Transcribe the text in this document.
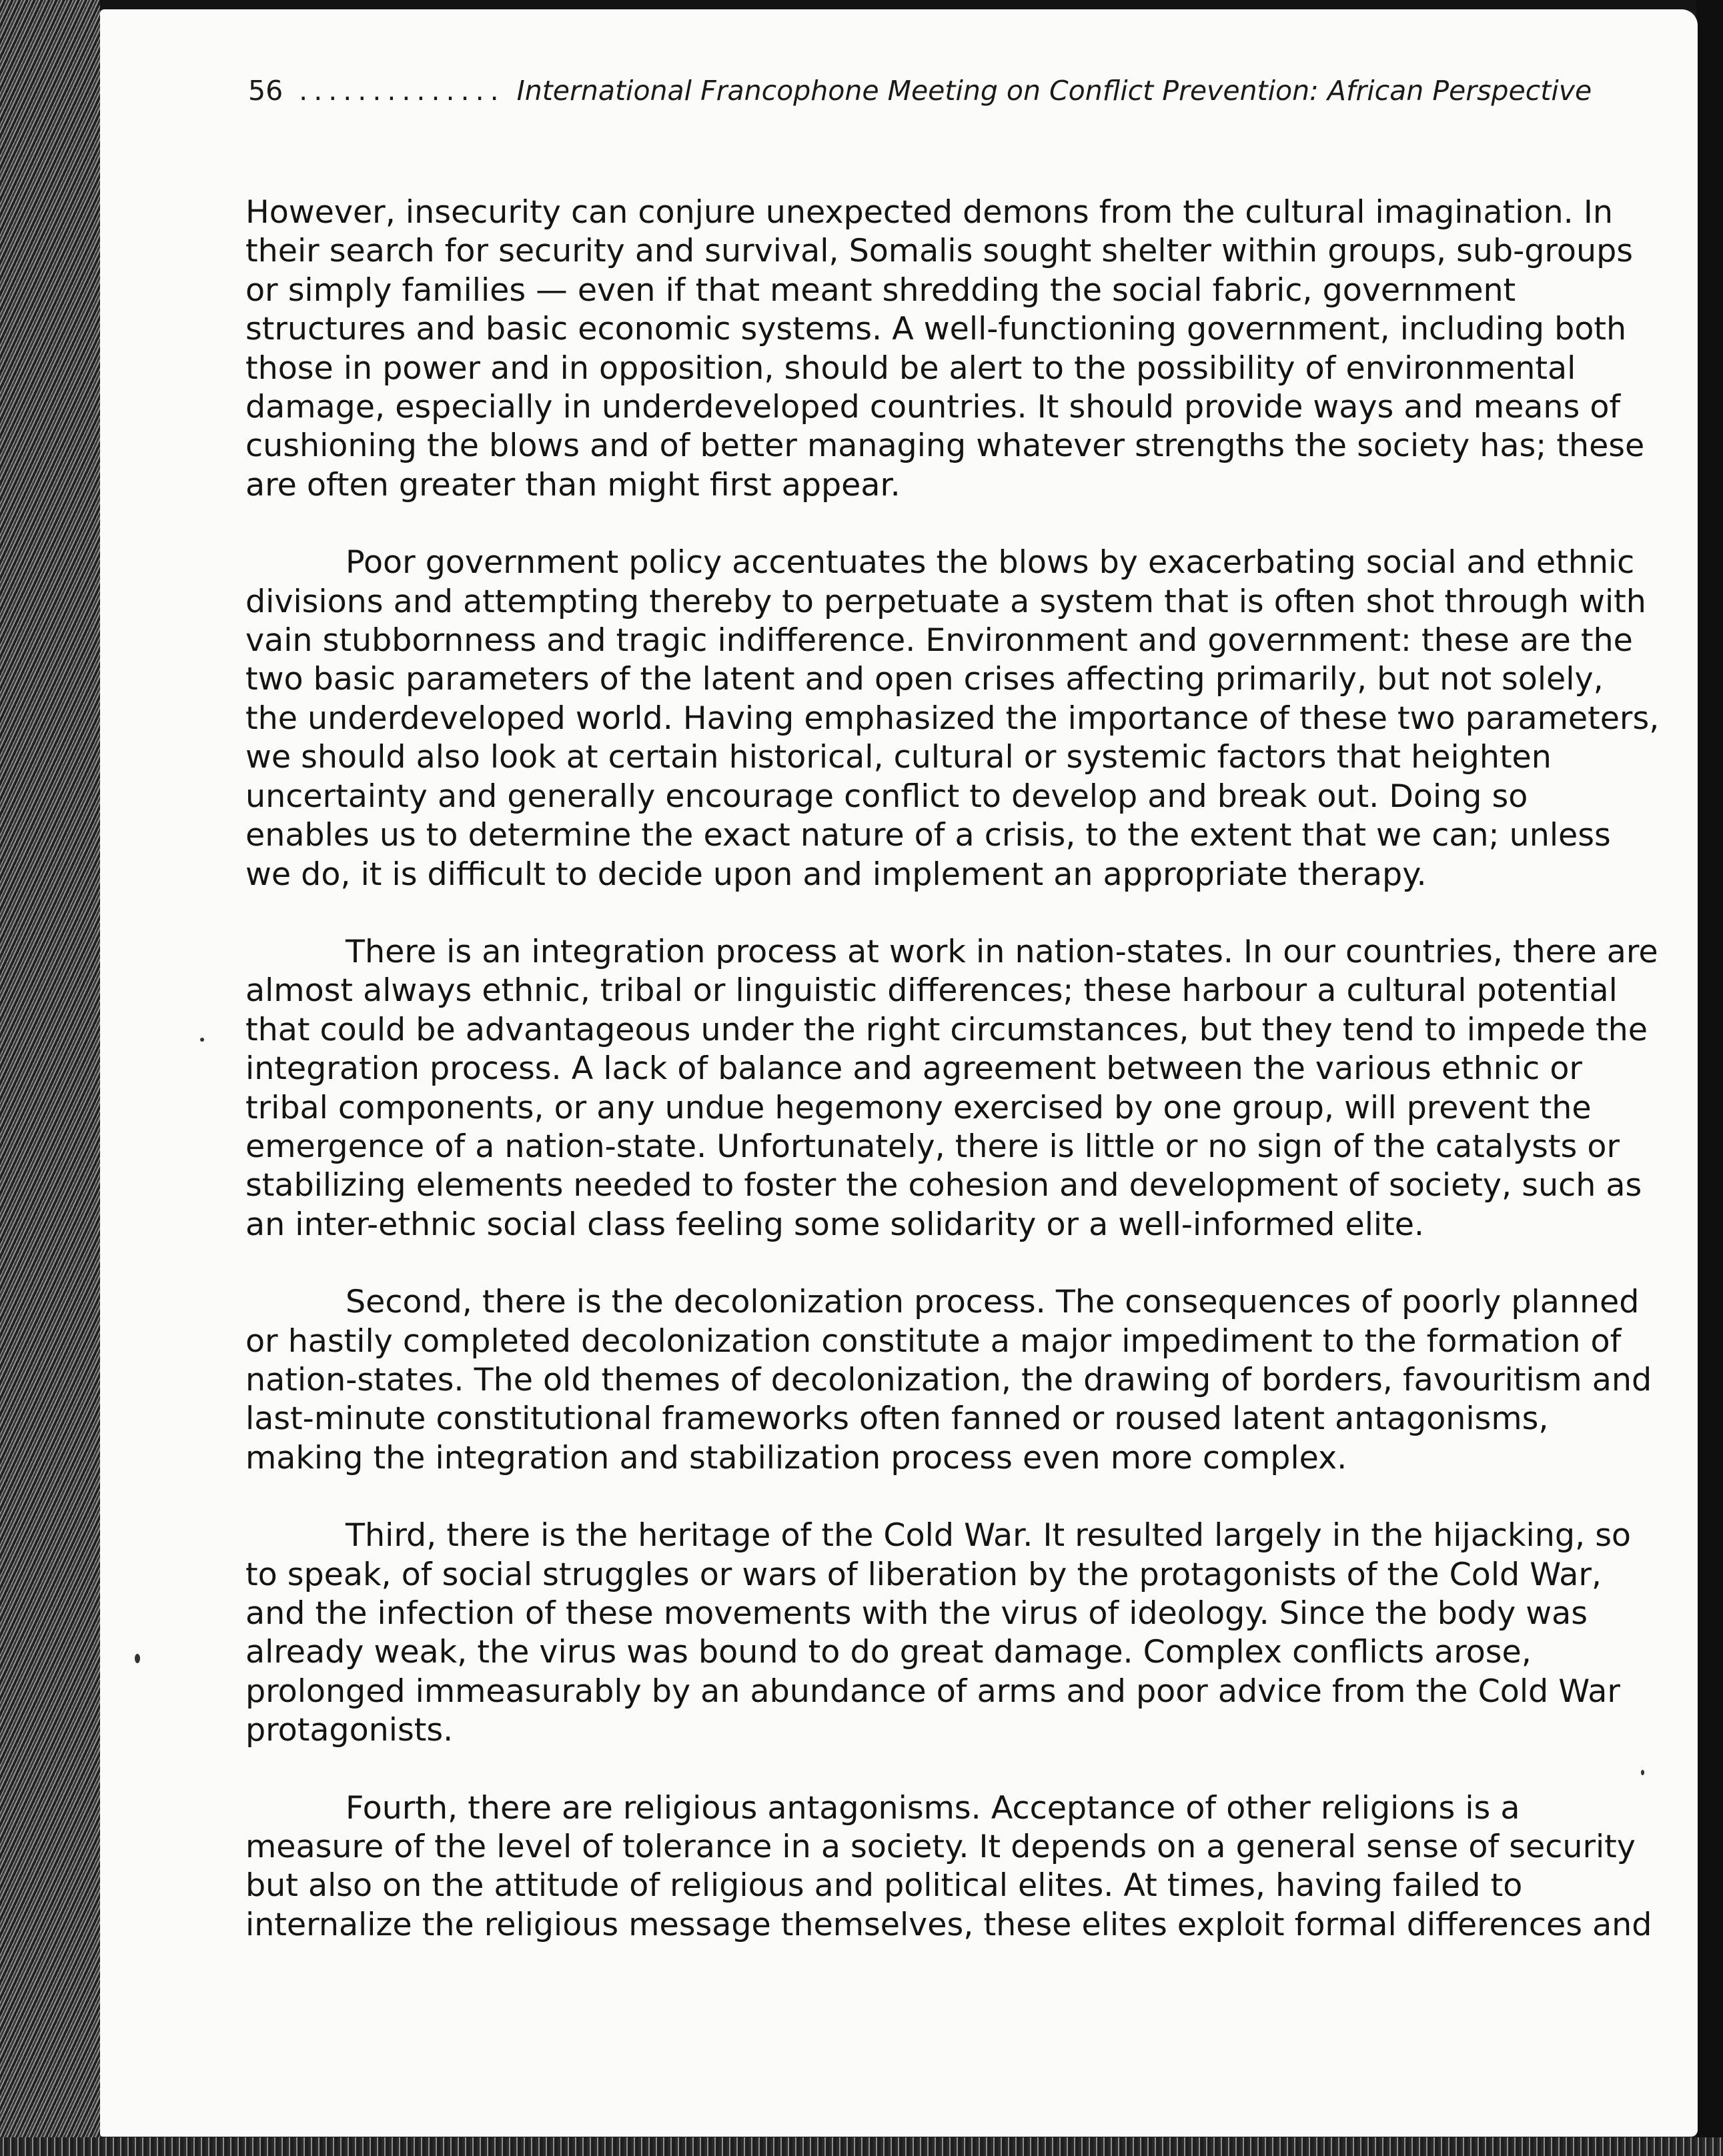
56 .............. International Francophone Meeting on Conflict Prevention: African Perspective

However, insecurity can conjure unexpected demons from the cultural imagination. In their search for security and survival, Somalis sought shelter within groups, sub-groups or simply families — even if that meant shredding the social fabric, government structures and basic economic systems. A well-functioning government, including both those in power and in opposition, should be alert to the possibility of environmental damage, especially in underdeveloped countries. It should provide ways and means of cushioning the blows and of better managing whatever strengths the society has; these are often greater than might first appear.

Poor government policy accentuates the blows by exacerbating social and ethnic divisions and attempting thereby to perpetuate a system that is often shot through with vain stubbornness and tragic indifference. Environment and government: these are the two basic parameters of the latent and open crises affecting primarily, but not solely, the underdeveloped world. Having emphasized the importance of these two parameters, we should also look at certain historical, cultural or systemic factors that heighten uncertainty and generally encourage conflict to develop and break out. Doing so enables us to determine the exact nature of a crisis, to the extent that we can; unless we do, it is difficult to decide upon and implement an appropriate therapy.

There is an integration process at work in nation-states. In our countries, there are almost always ethnic, tribal or linguistic differences; these harbour a cultural potential that could be advantageous under the right circumstances, but they tend to impede the integration process. A lack of balance and agreement between the various ethnic or tribal components, or any undue hegemony exercised by one group, will prevent the emergence of a nation-state. Unfortunately, there is little or no sign of the catalysts or stabilizing elements needed to foster the cohesion and development of society, such as an inter-ethnic social class feeling some solidarity or a well-informed elite.

Second, there is the decolonization process. The consequences of poorly planned or hastily completed decolonization constitute a major impediment to the formation of nation-states. The old themes of decolonization, the drawing of borders, favouritism and last-minute constitutional frameworks often fanned or roused latent antagonisms, making the integration and stabilization process even more complex.

Third, there is the heritage of the Cold War. It resulted largely in the hijacking, so to speak, of social struggles or wars of liberation by the protagonists of the Cold War, and the infection of these movements with the virus of ideology. Since the body was already weak, the virus was bound to do great damage. Complex conflicts arose, prolonged immeasurably by an abundance of arms and poor advice from the Cold War protagonists.

Fourth, there are religious antagonisms. Acceptance of other religions is a measure of the level of tolerance in a society. It depends on a general sense of security but also on the attitude of religious and political elites. At times, having failed to internalize the religious message themselves, these elites exploit formal differences and
